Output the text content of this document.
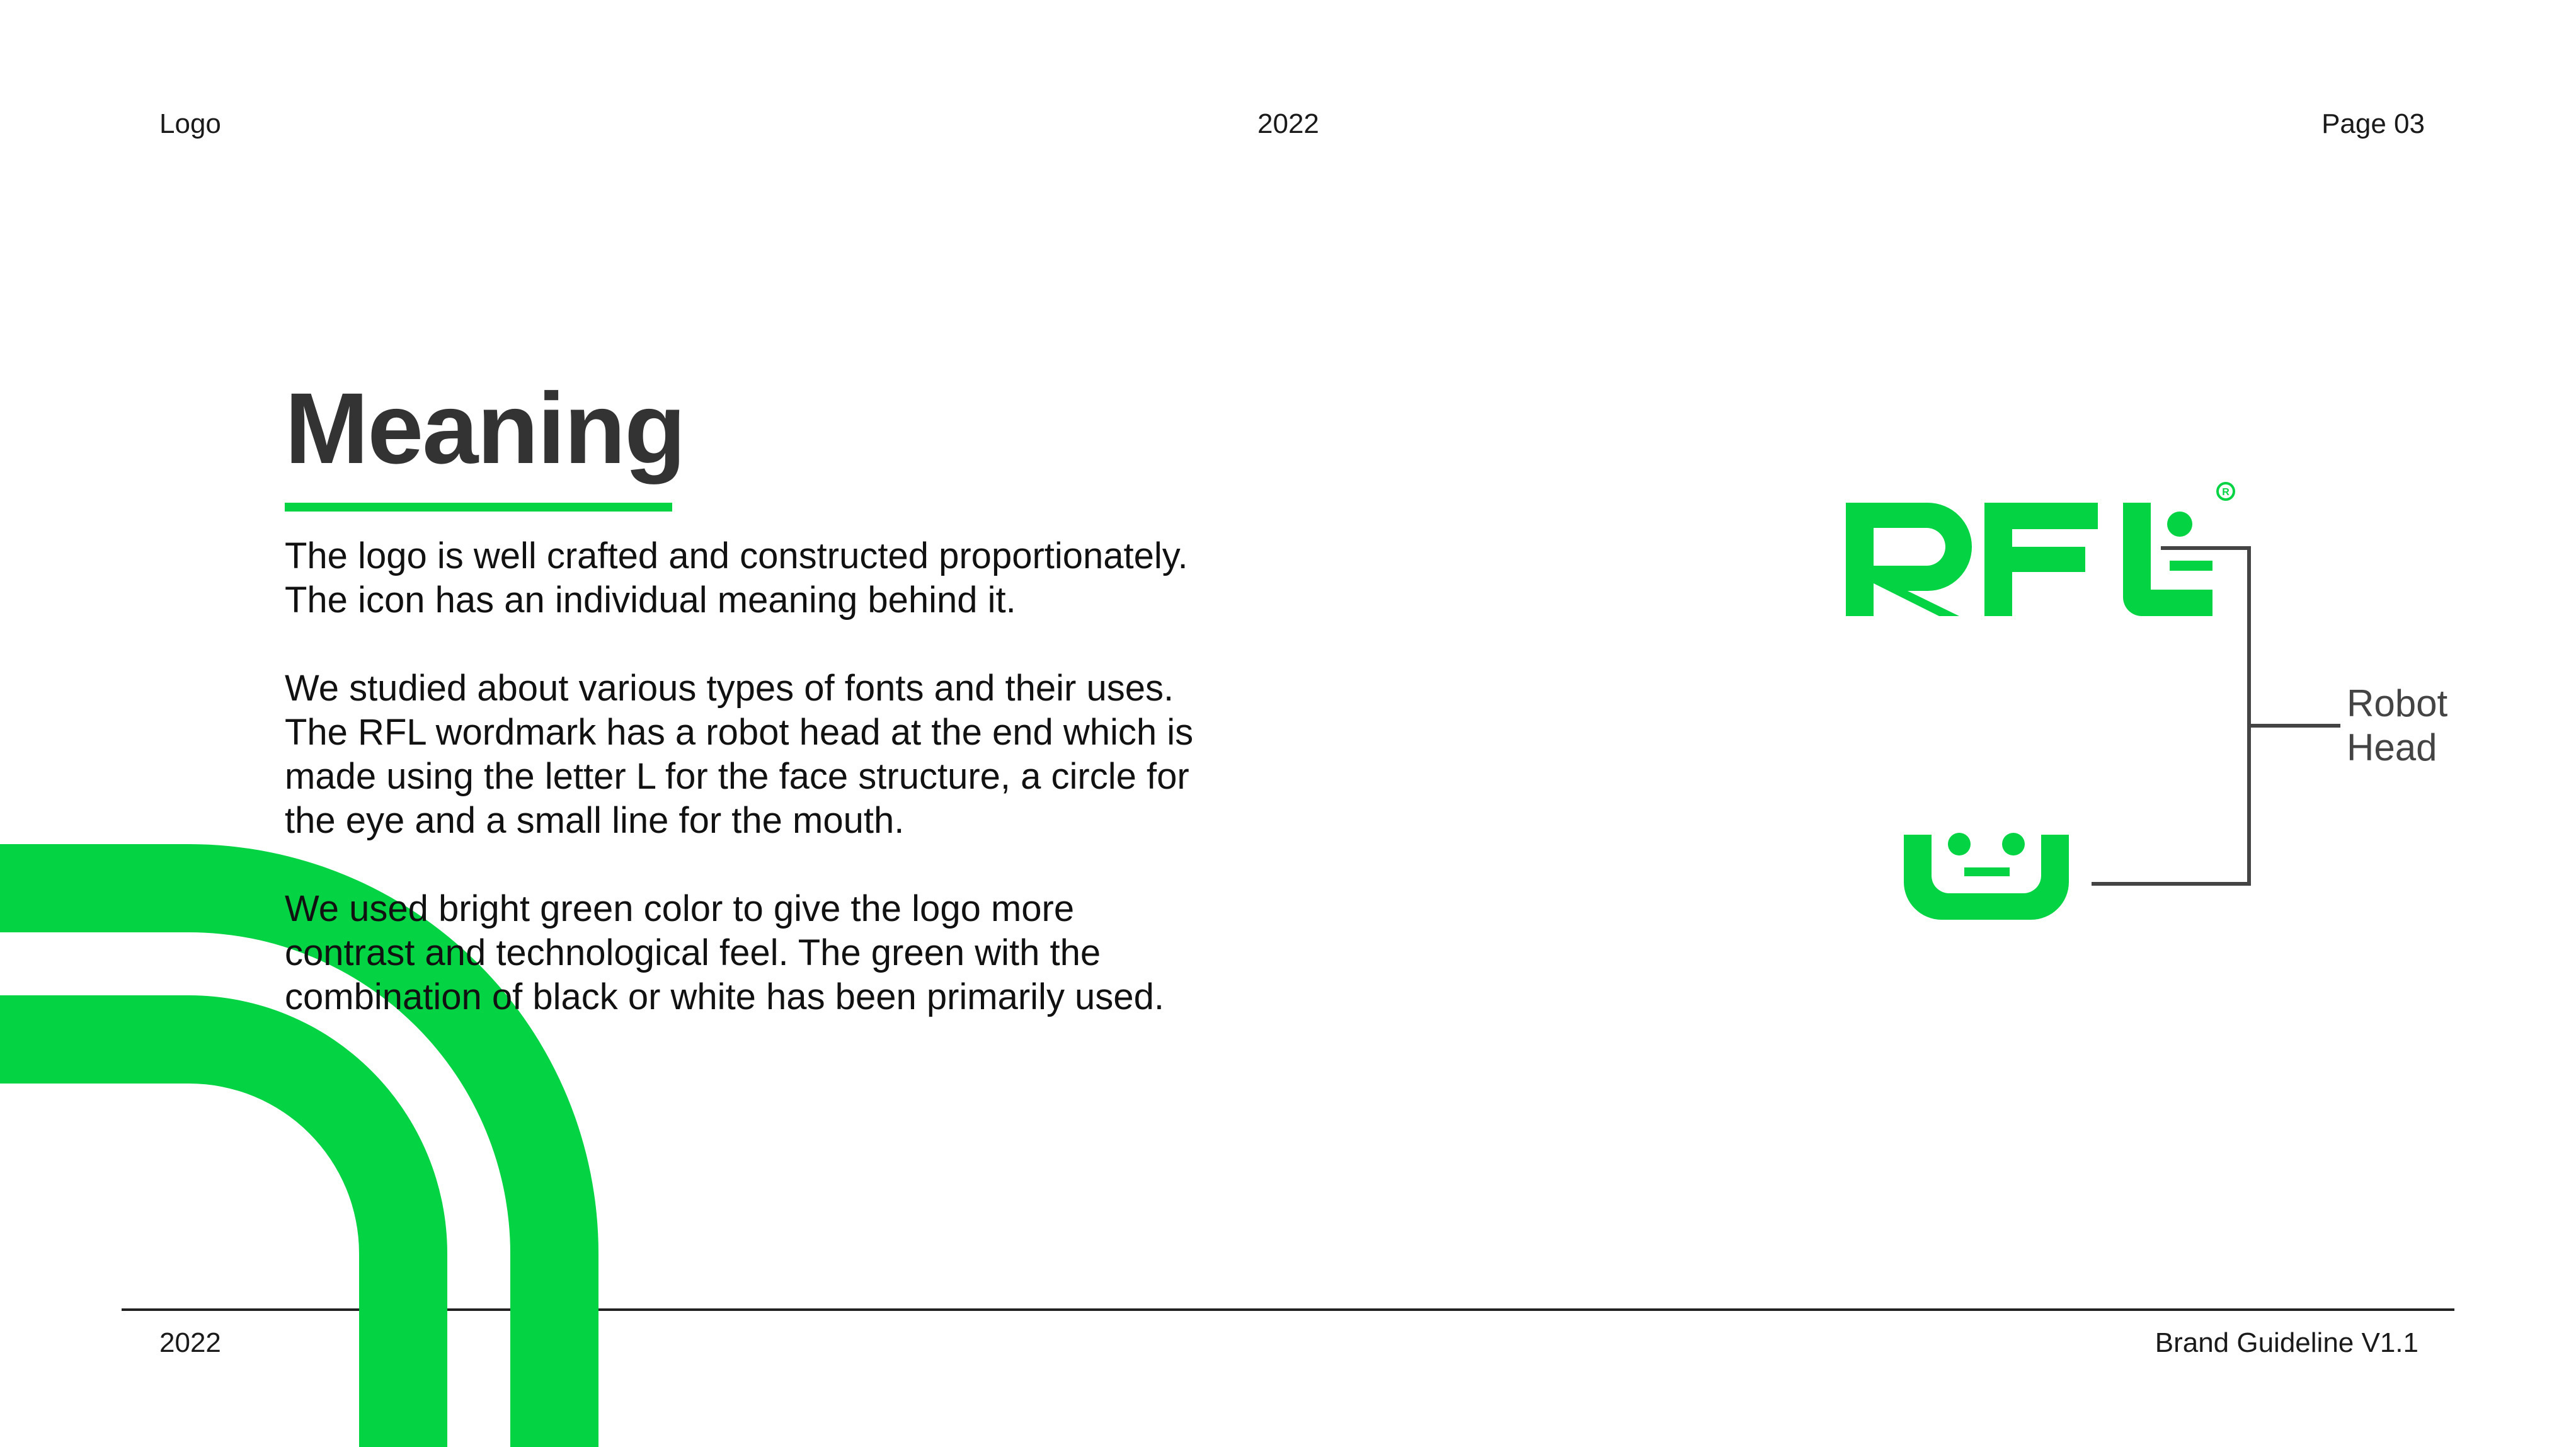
Logo	2022	Page 03
Meaning

The logo is well crafted and constructed proportionately.
The icon has an individual meaning behind it.

We studied about various types of fonts and their uses.
The RFL wordmark has a robot head at the end which is
made using the letter L for the face structure, a circle for
the eye and a small line for the mouth.

We used bright green color to give the logo more
contrast and technological feel. The green with the
combination of black or white has been primarily used.

R
Robot
Head
2022	Brand Guideline V1.1
